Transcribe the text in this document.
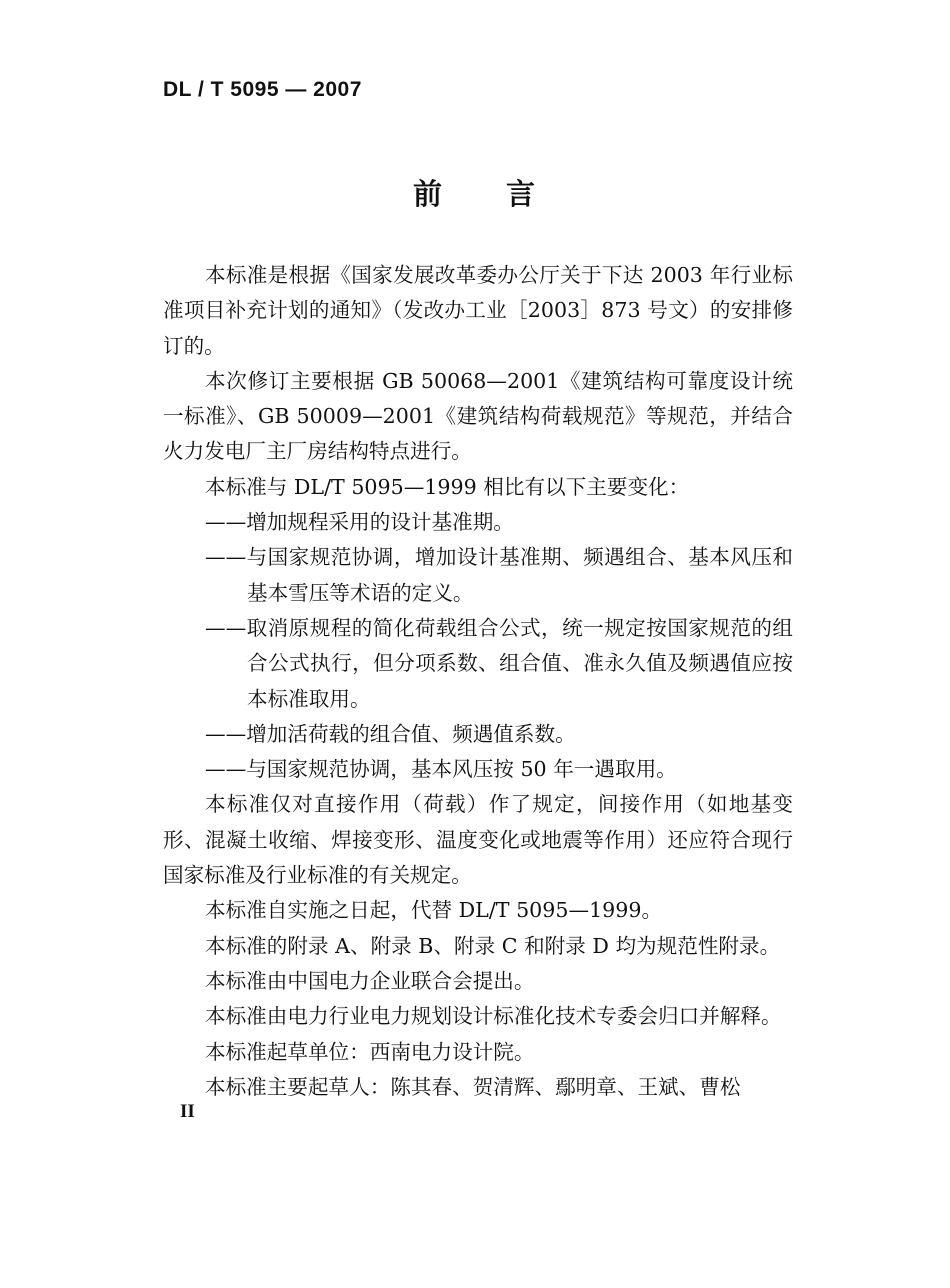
DL / T 5095 — 2007
前 言

本标准是根据《国家发展改革委办公厅关于下达 2003 年行业标准项目补充计划的通知》（发改办工业［2003］873 号文）的安排修订的。

本次修订主要根据 GB 50068—2001《建筑结构可靠度设计统一标准》、GB 50009—2001《建筑结构荷载规范》等规范，并结合火力发电厂主厂房结构特点进行。

本标准与 DL/T 5095—1999 相比有以下主要变化：

——增加规程采用的设计基准期。

——与国家规范协调，增加设计基准期、频遇组合、基本风压和基本雪压等术语的定义。

——取消原规程的简化荷载组合公式，统一规定按国家规范的组合公式执行，但分项系数、组合值、准永久值及频遇值应按本标准取用。

——增加活荷载的组合值、频遇值系数。

——与国家规范协调，基本风压按 50 年一遇取用。

本标准仅对直接作用（荷载）作了规定，间接作用（如地基变形、混凝土收缩、焊接变形、温度变化或地震等作用）还应符合现行国家标准及行业标准的有关规定。

本标准自实施之日起，代替 DL/T 5095—1999。

本标准的附录 A、附录 B、附录 C 和附录 D 均为规范性附录。

本标准由中国电力企业联合会提出。

本标准由电力行业电力规划设计标准化技术专委会归口并解释。

本标准起草单位：西南电力设计院。

本标准主要起草人：陈其春、贺清辉、鄢明章、王斌、曹松

II
